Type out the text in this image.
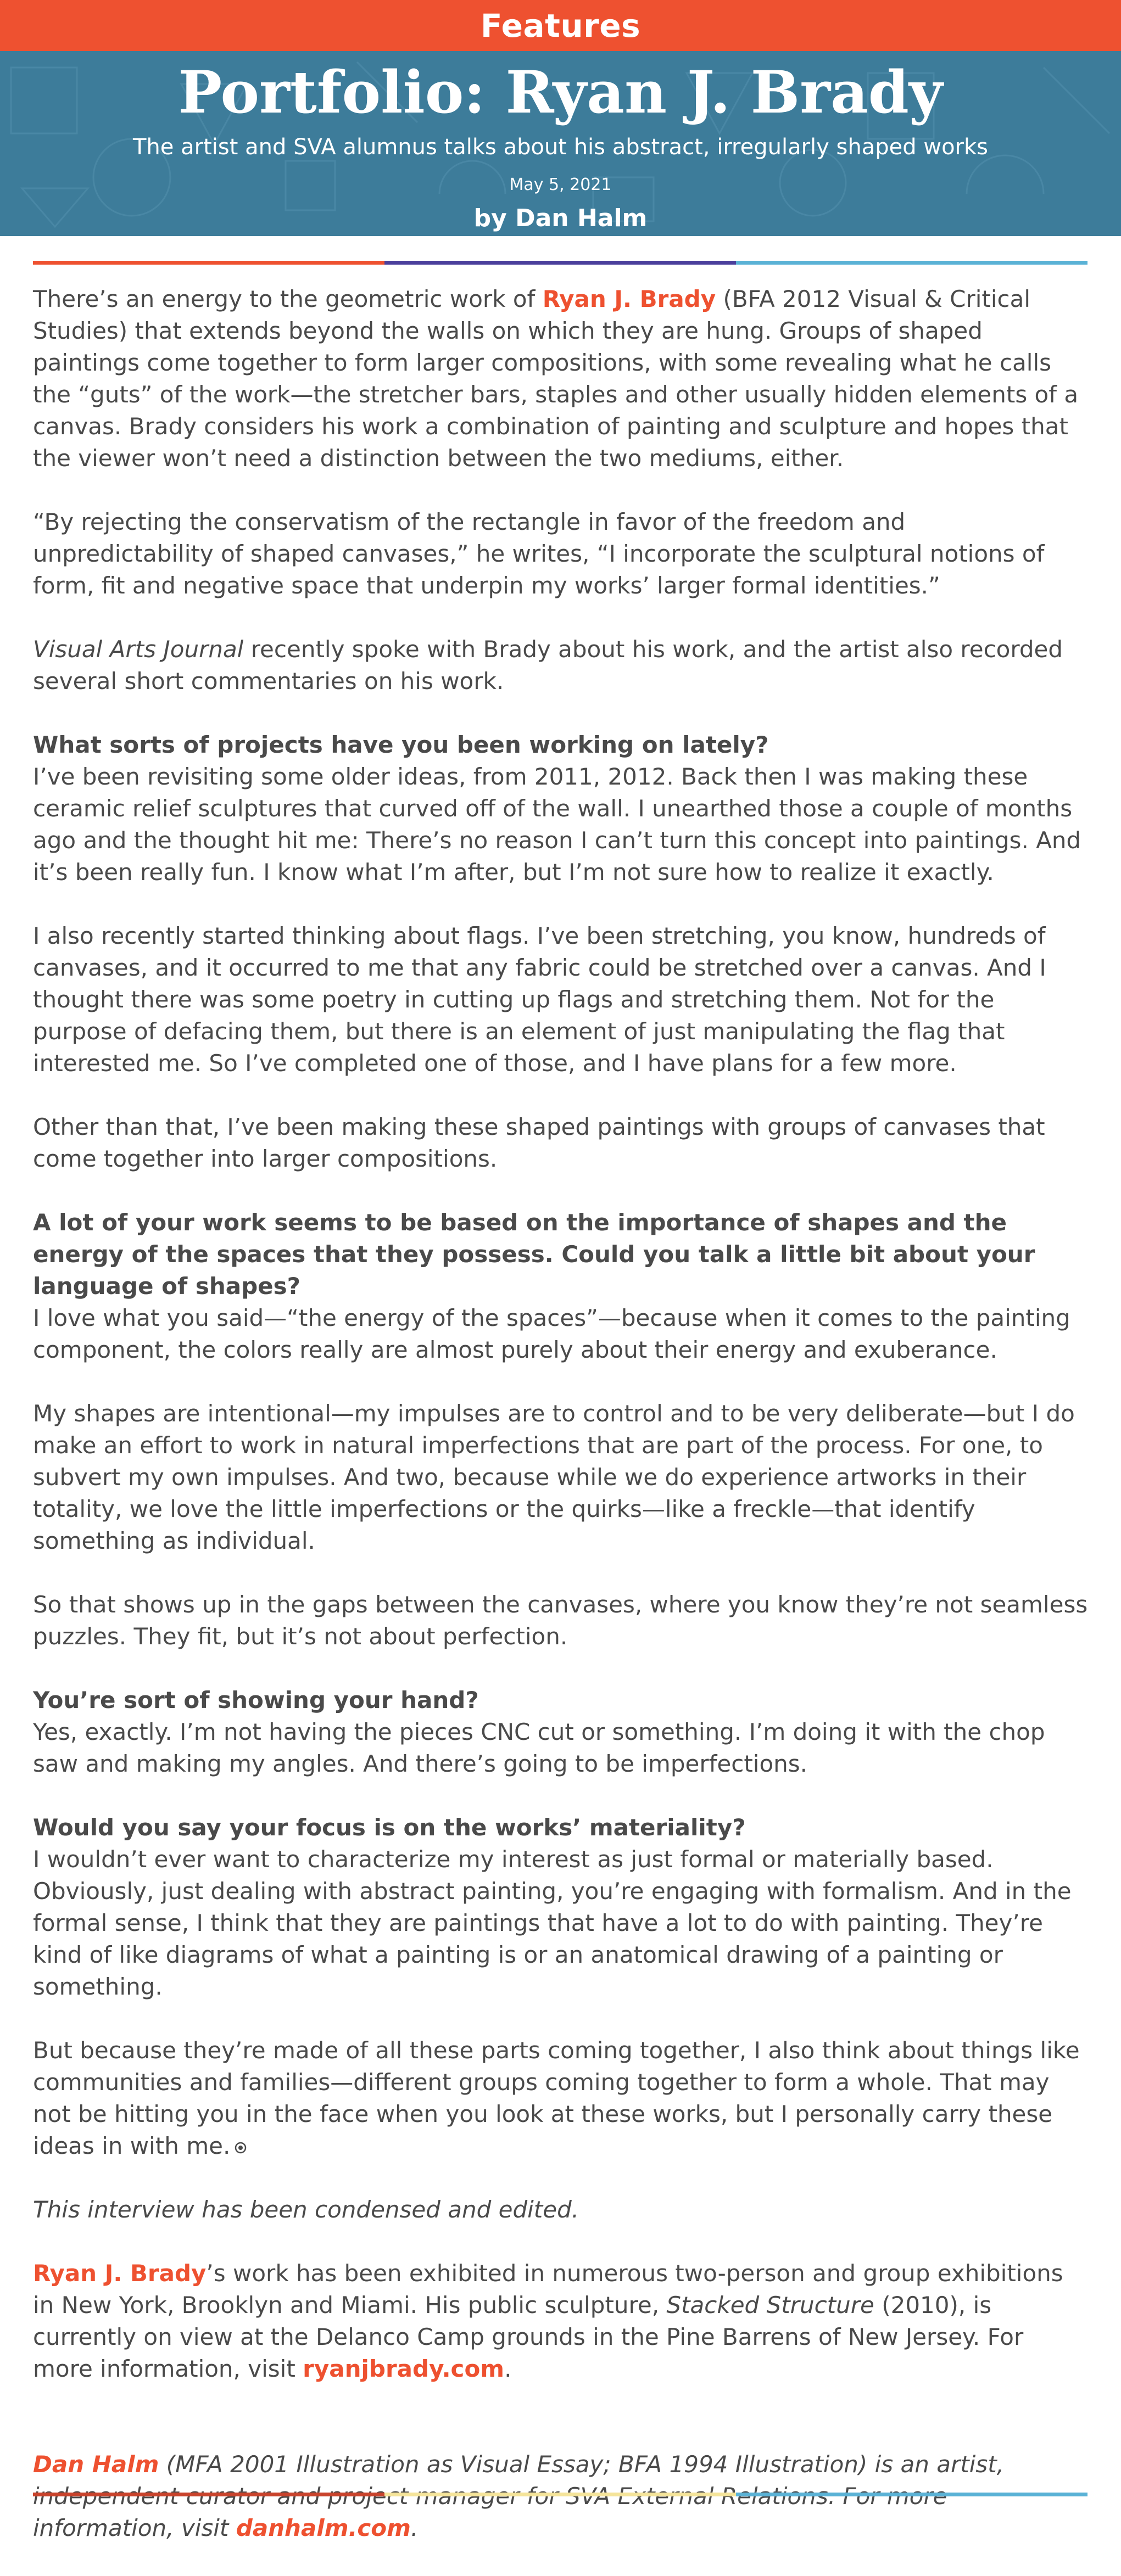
Features
Portfolio: Ryan J. Brady
The artist and SVA alumnus talks about his abstract, irregularly shaped works
May 5, 2021
by Dan Halm

There’s an energy to the geometric work of Ryan J. Brady (BFA 2012 Visual & Critical Studies) that extends beyond the walls on which they are hung. Groups of shaped paintings come together to form larger compositions, with some revealing what he calls the “guts” of the work—the stretcher bars, staples and other usually hidden elements of a canvas. Brady considers his work a combination of painting and sculpture and hopes that the viewer won’t need a distinction between the two mediums, either.

“By rejecting the conservatism of the rectangle in favor of the freedom and unpredictability of shaped canvases,” he writes, “I incorporate the sculptural notions of form, fit and negative space that underpin my works’ larger formal identities.”

Visual Arts Journal recently spoke with Brady about his work, and the artist also recorded several short commentaries on his work.

What sorts of projects have you been working on lately?

I’ve been revisiting some older ideas, from 2011, 2012. Back then I was making these ceramic relief sculptures that curved off of the wall. I unearthed those a couple of months ago and the thought hit me: There’s no reason I can’t turn this concept into paintings. And it’s been really fun. I know what I’m after, but I’m not sure how to realize it exactly.

I also recently started thinking about flags. I’ve been stretching, you know, hundreds of canvases, and it occurred to me that any fabric could be stretched over a canvas. And I thought there was some poetry in cutting up flags and stretching them. Not for the purpose of defacing them, but there is an element of just manipulating the flag that interested me. So I’ve completed one of those, and I have plans for a few more.

Other than that, I’ve been making these shaped paintings with groups of canvases that come together into larger compositions.

A lot of your work seems to be based on the importance of shapes and the energy of the spaces that they possess. Could you talk a little bit about your language of shapes?

I love what you said—“the energy of the spaces”—because when it comes to the painting component, the colors really are almost purely about their energy and exuberance.

My shapes are intentional—my impulses are to control and to be very deliberate—but I do make an effort to work in natural imperfections that are part of the process. For one, to subvert my own impulses. And two, because while we do experience artworks in their totality, we love the little imperfections or the quirks—like a freckle—that identify something as individual.

So that shows up in the gaps between the canvases, where you know they’re not seamless puzzles. They fit, but it’s not about perfection.

You’re sort of showing your hand?

Yes, exactly. I’m not having the pieces CNC cut or something. I’m doing it with the chop saw and making my angles. And there’s going to be imperfections.

Would you say your focus is on the works’ materiality?

I wouldn’t ever want to characterize my interest as just formal or materially based. Obviously, just dealing with abstract painting, you’re engaging with formalism. And in the formal sense, I think that they are paintings that have a lot to do with painting. They’re kind of like diagrams of what a painting is or an anatomical drawing of a painting or something.

But because they’re made of all these parts coming together, I also think about things like communities and families—different groups coming together to form a whole. That may not be hitting you in the face when you look at these works, but I personally carry these ideas in with me.

This interview has been condensed and edited.

Ryan J. Brady’s work has been exhibited in numerous two-person and group exhibitions in New York, Brooklyn and Miami. His public sculpture, Stacked Structure (2010), is currently on view at the Delanco Camp grounds in the Pine Barrens of New Jersey. For more information, visit ryanjbrady.com.

Dan Halm (MFA 2001 Illustration as Visual Essay; BFA 1994 Illustration) is an artist, information, visit danhalm.com.
